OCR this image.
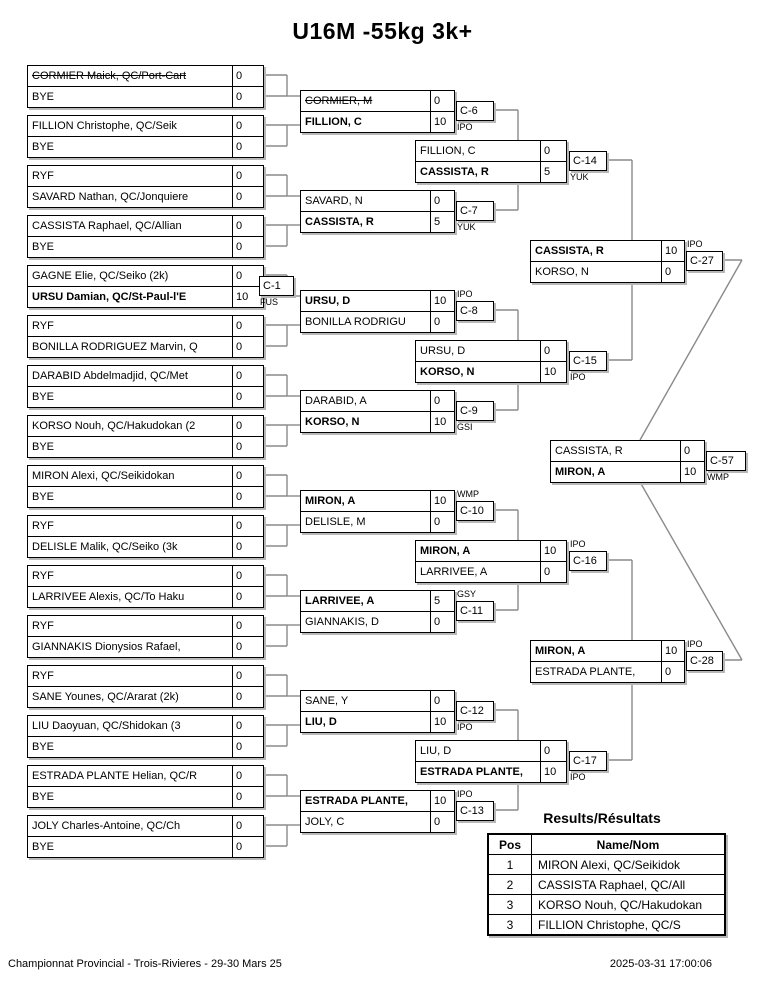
U16M -55kg 3k+
CORMIER Maick, QC/Port-Cart	0
BYE	0
FILLION Christophe, QC/Seik	0
BYE	0
RYF	0
SAVARD Nathan, QC/Jonquiere	0
CASSISTA Raphael, QC/Allian	0
BYE	0
GAGNE Elie, QC/Seiko (2k)	0
URSU Damian, QC/St-Paul-l'E	10
C-1
FUS
RYF	0
BONILLA RODRIGUEZ Marvin, Q	0
DARABID Abdelmadjid, QC/Met	0
BYE	0
KORSO Nouh, QC/Hakudokan (2	0
BYE	0
MIRON Alexi, QC/Seikidokan	0
BYE	0
RYF	0
DELISLE Malik, QC/Seiko (3k	0
RYF	0
LARRIVEE Alexis, QC/To Haku	0
RYF	0
GIANNAKIS Dionysios Rafael,	0
RYF	0
SANE Younes, QC/Ararat (2k)	0
LIU Daoyuan, QC/Shidokan (3	0
BYE	0
ESTRADA PLANTE Helian, QC/R	0
BYE	0
JOLY Charles-Antoine, QC/Ch	0
BYE	0
CORMIER, M	0
FILLION, C	10
C-6
IPO
SAVARD, N	0
CASSISTA, R	5
C-7
YUK
URSU, D	10
BONILLA RODRIGU	0
C-8
IPO
DARABID, A	0
KORSO, N	10
C-9
GSI
MIRON, A	10
DELISLE, M	0
C-10
WMP
LARRIVEE, A	5
GIANNAKIS, D	0
C-11
GSY
SANE, Y	0
LIU, D	10
C-12
IPO
ESTRADA PLANTE,	10
JOLY, C	0
C-13
IPO
FILLION, C	0
CASSISTA, R	5
C-14
YUK
URSU, D	0
KORSO, N	10
C-15
IPO
MIRON, A	10
LARRIVEE, A	0
C-16
IPO
LIU, D	0
ESTRADA PLANTE,	10
C-17
IPO
CASSISTA, R	10
KORSO, N	0
C-27
IPO
MIRON, A	10
ESTRADA PLANTE,	0
C-28
IPO
CASSISTA, R	0
MIRON, A	10
C-57
WMP
Results/Résultats
Pos	Name/Nom
1	MIRON Alexi, QC/Seikidok
2	CASSISTA Raphael, QC/All
3	KORSO Nouh, QC/Hakudokan
3	FILLION Christophe, QC/S
Championnat Provincial - Trois-Rivieres - 29-30 Mars 25	2025-03-31 17:00:06
